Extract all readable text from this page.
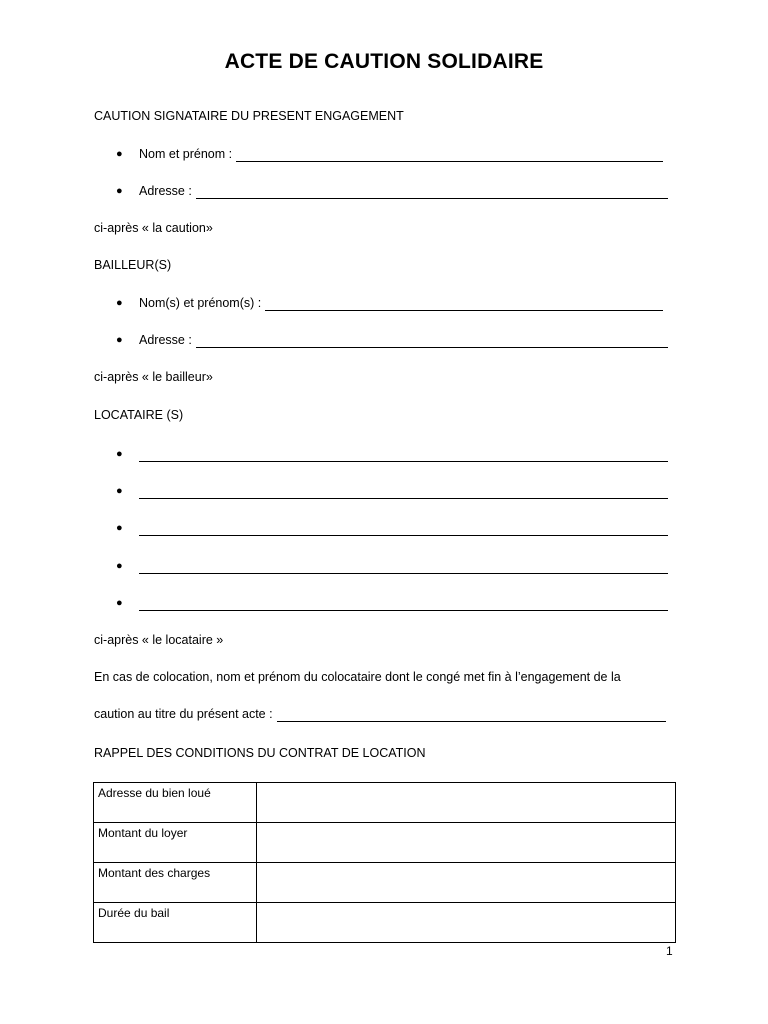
ACTE DE CAUTION SOLIDAIRE
CAUTION SIGNATAIRE DU PRESENT ENGAGEMENT
●	Nom et prénom :
●	Adresse :
ci-après « la caution»
BAILLEUR(S)
●	Nom(s) et prénom(s) :
●	Adresse :
ci-après « le bailleur»
LOCATAIRE (S)
●
●
●
●
●
ci-après « le locataire »
En cas de colocation, nom et prénom du colocataire dont le congé met fin à l’engagement de la
caution au titre du présent acte :
RAPPEL DES CONDITIONS DU CONTRAT DE LOCATION
Adresse du bien loué	
Montant du loyer	
Montant des charges	
Durée du bail	
1
